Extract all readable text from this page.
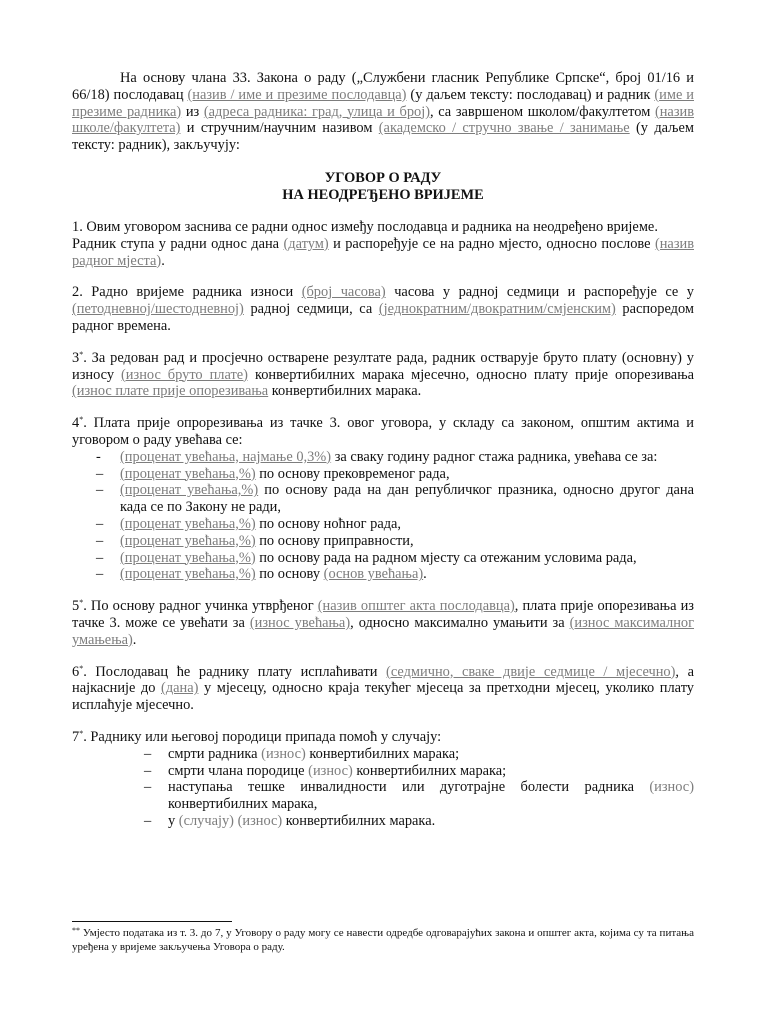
На основу члана 33. Закона о раду („Службени гласник Републике Српске“, број 01/16 и 66/18) послодавац (назив / име и презиме послодавца) (у даљем тексту: послодавац) и радник (име и презиме радника) из (адреса радника: град, улица и број), са завршеном школом/факултетом (назив школе/факултета) и стручним/научним називом (академско / стручно звање / занимање (у даљем тексту: радник), закључују:

УГОВОР О РАДУ
НА НЕОДРЕЂЕНО ВРИЈЕМЕ

1. Овим уговором заснива се радни однос између послодавца и радника на неодређено вријеме.

Радник ступа у радни однос дана (датум) и распоређује се на радно мјесто, односно послове (назив радног мјеста).

2. Радно вријеме радника износи (број часова) часова у радној седмици и распоређује се у (петодневној/шестодневној) радној седмици, са (једнократним/двократним/смјенским) распоредом радног времена.

3*. За редован рад и просјечно остварене резултате рада, радник остварује бруто плату (основну) у износу (износ бруто плате) конвертибилних марака мјесечно, односно плату прије опорезивања (износ плате прије опорезивања конвертибилних марака.

4*. Плата прије опрорезивања из тачке 3. овог уговора, у складу са законом, општим актима и уговором о раду увећава се:

- (проценат увећања, најмање 0,3%) за сваку годину радног стажа радника, увећава се за:
– (проценат увећања,%) по основу прековременог рада,
– (проценат увећања,%) по основу рада на дан републичког празника, односно другог дана када се по Закону не ради,
– (проценат увећања,%) по основу ноћног рада,
– (проценат увећања,%) по основу приправности,
– (проценат увећања,%) по основу рада на радном мјесту са отежаним условима рада,
– (проценат увећања,%) по основу (основ увећања).

5*. По основу радног учинка утврђеног (назив општег акта послодавца), плата прије опорезивања из тачке 3. може се увећати за (износ увећања), односно максимално умањити за (износ максималног умањења).

6*. Послодавац ће раднику плату исплаћивати (седмично, сваке двије седмице / мјесечно), а најкасније до (дана) у мјесецу, односно краја текућег мјесеца за претходни мјесец, уколико плату исплаћује мјесечно.

7*. Раднику или његовој породици припада помоћ у случају:

– смрти радника (износ) конвертибилних марака;
– смрти члана породице (износ) конвертибилних марака;
– наступања тешке инвалидности или дуготрајне болести радника (износ) конвертибилних марака,
– у (случају) (износ) конвертибилних марака.

** Умјесто података из т. 3. до 7, у Уговору о раду могу се навести одредбе одговарајућих закона и општег акта, којима су та питања уређена у вријеме закључења Уговора о раду.
